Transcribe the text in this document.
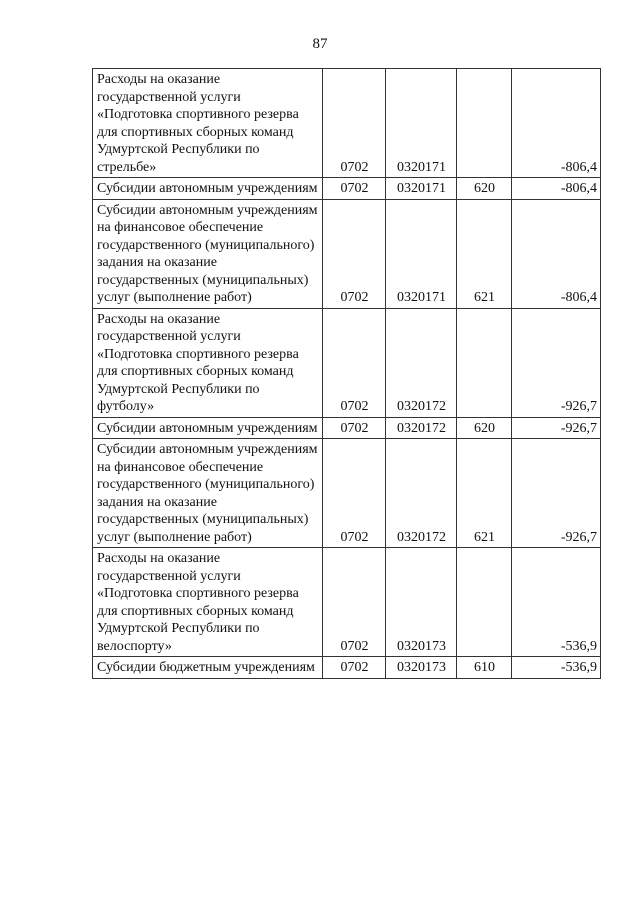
87
Расходы на оказание государственной услуги «Подготовка спортивного резерва для спортивных сборных команд Удмуртской Республики по стрельбе»	0702	0320171		-806,4
Субсидии автономным учреждениям	0702	0320171	620	-806,4
Субсидии автономным учреждениям на финансовое обеспечение государственного (муниципального) задания на оказание государственных (муниципальных) услуг (выполнение работ)	0702	0320171	621	-806,4
Расходы на оказание государственной услуги «Подготовка спортивного резерва для спортивных сборных команд Удмуртской Республики по футболу»	0702	0320172		-926,7
Субсидии автономным учреждениям	0702	0320172	620	-926,7
Субсидии автономным учреждениям на финансовое обеспечение государственного (муниципального) задания на оказание государственных (муниципальных) услуг (выполнение работ)	0702	0320172	621	-926,7
Расходы на оказание государственной услуги «Подготовка спортивного резерва для спортивных сборных команд Удмуртской Республики по велоспорту»	0702	0320173		-536,9
Субсидии бюджетным учреждениям	0702	0320173	610	-536,9
